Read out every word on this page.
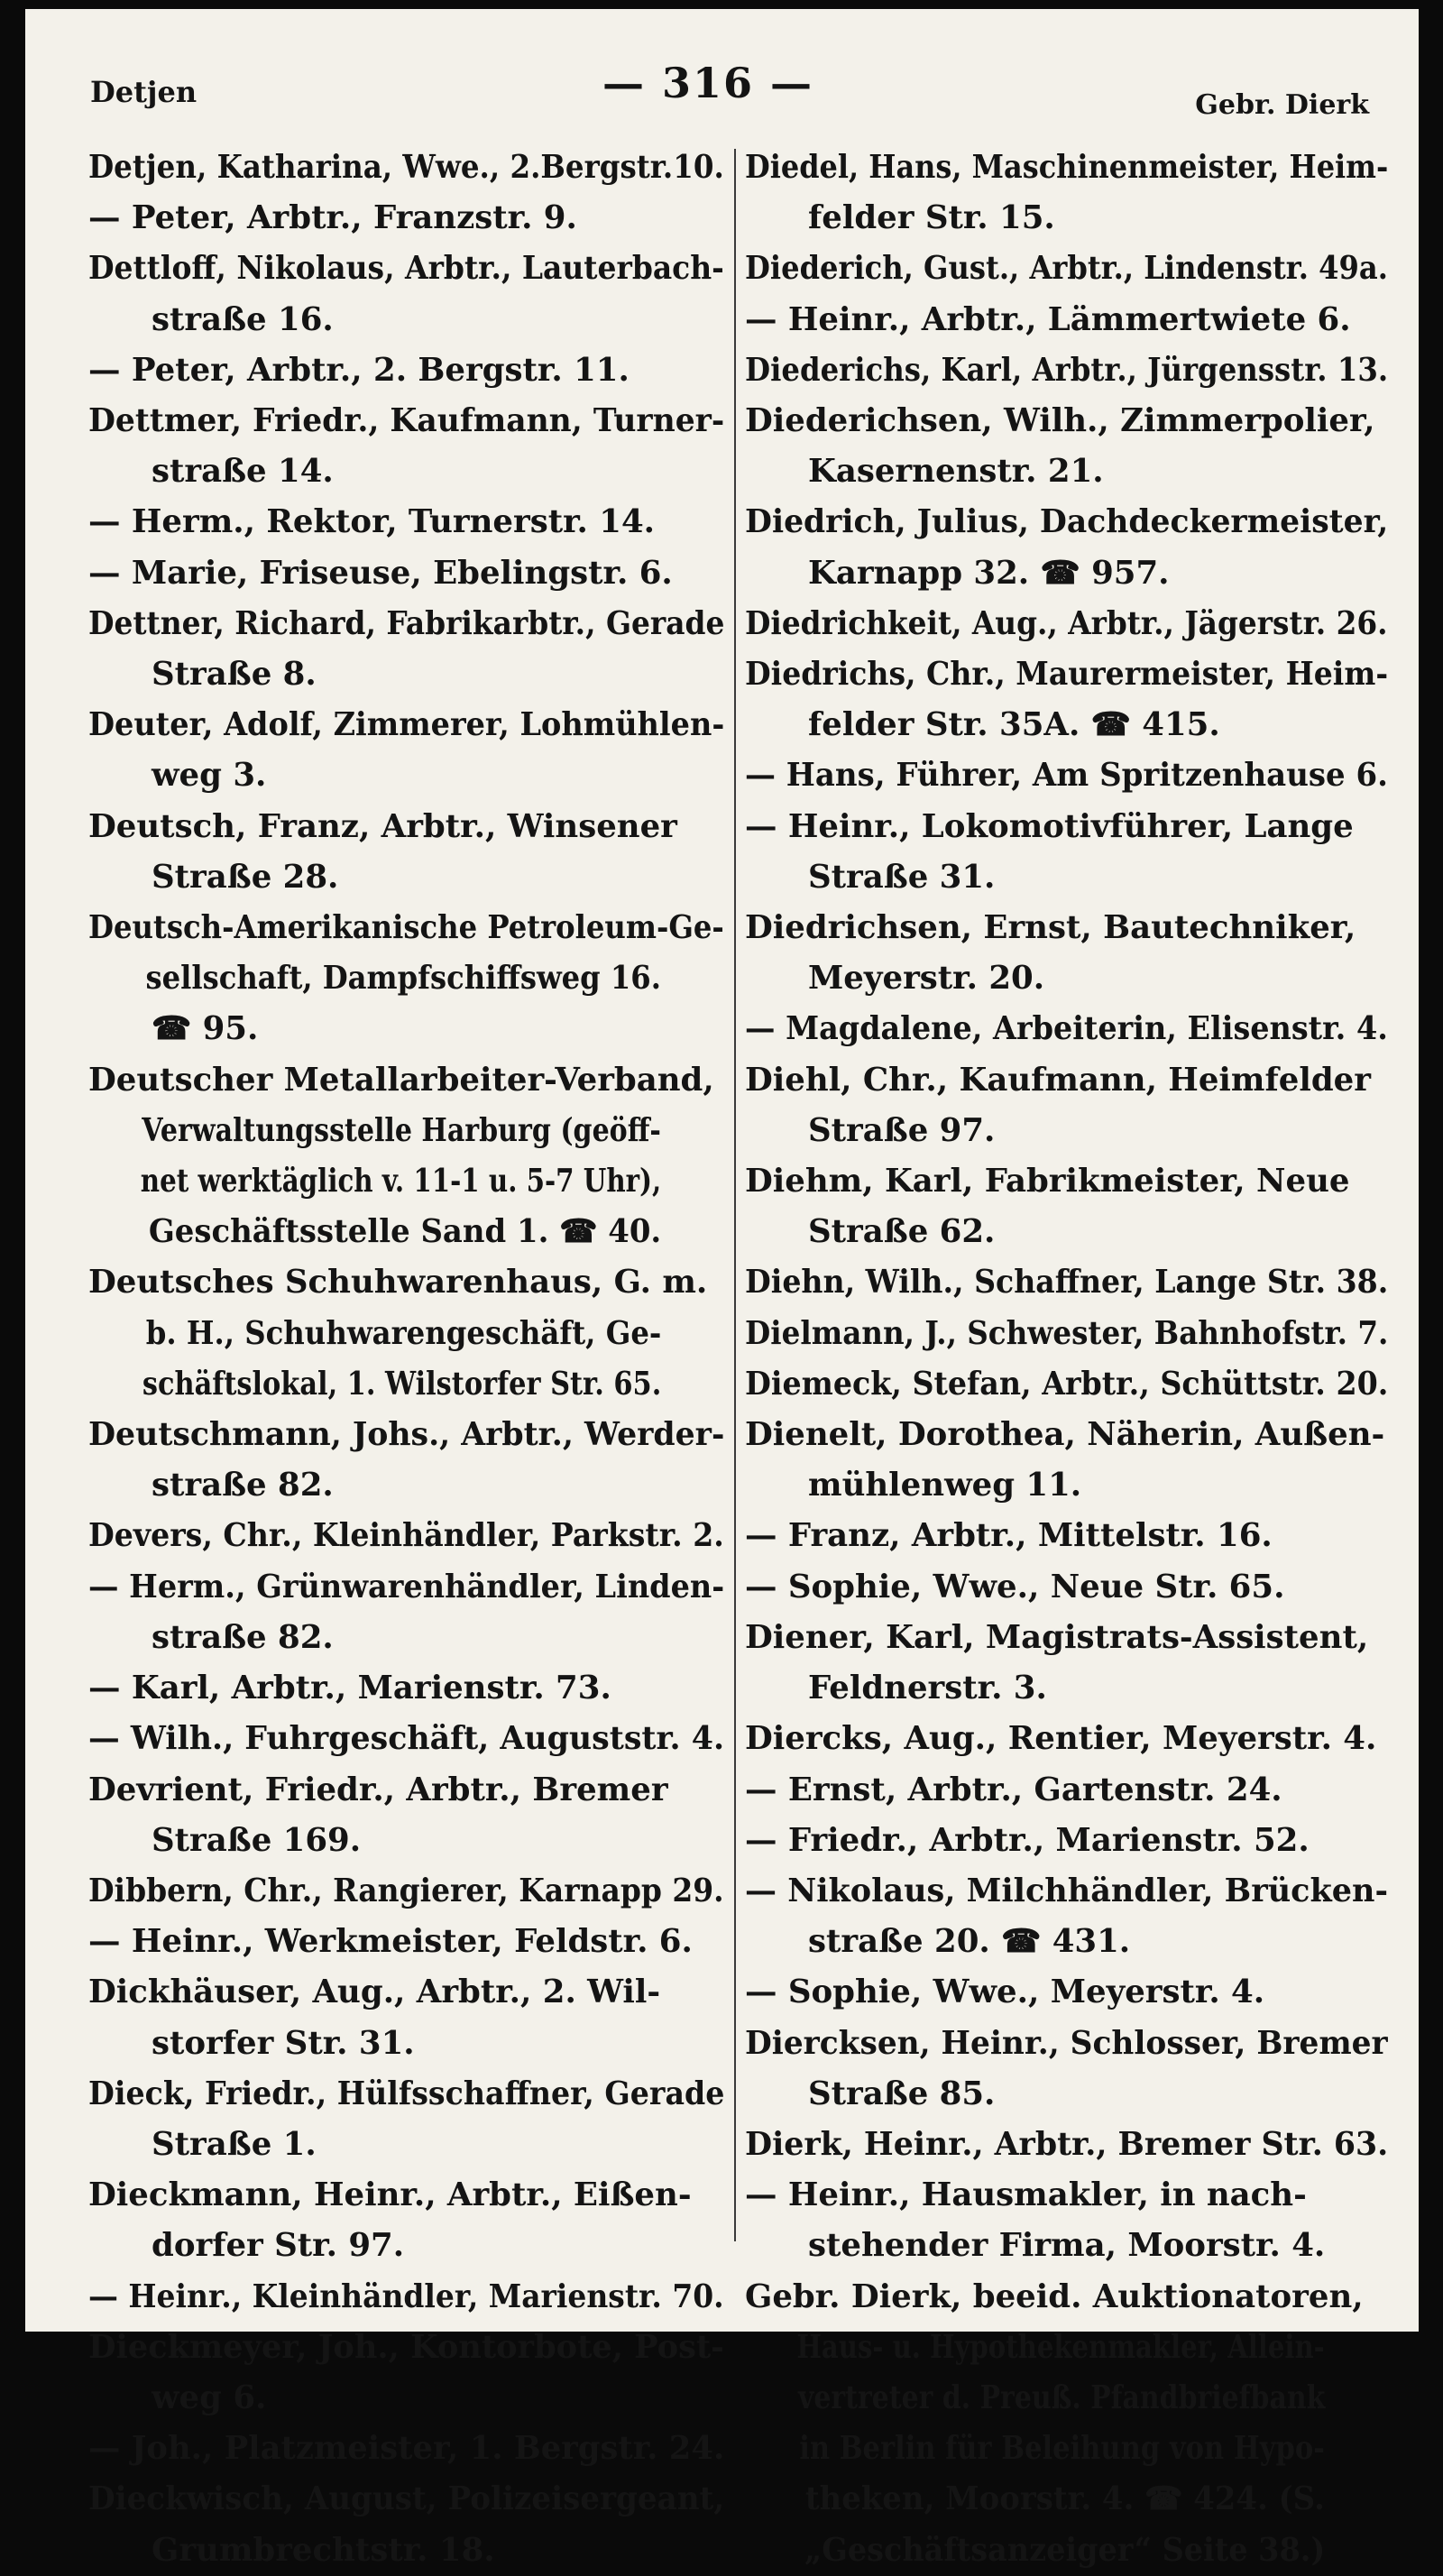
Detjen	— 316 —	Gebr. Dierk
Detjen, Katharina, Wwe., 2.Bergstr.10.
— Peter, Arbtr., Franzstr. 9.
Dettloff, Nikolaus, Arbtr., Lauterbach-
straße 16.
— Peter, Arbtr., 2. Bergstr. 11.
Dettmer, Friedr., Kaufmann, Turner-
straße 14.
— Herm., Rektor, Turnerstr. 14.
— Marie, Friseuse, Ebelingstr. 6.
Dettner, Richard, Fabrikarbtr., Gerade
Straße 8.
Deuter, Adolf, Zimmerer, Lohmühlen-
weg 3.
Deutsch, Franz, Arbtr., Winsener
Straße 28.
Deutsch-Amerikanische Petroleum-Ge-
sellschaft, Dampfschiffsweg 16.
☎ 95.
Deutscher Metallarbeiter-Verband,
Verwaltungsstelle Harburg (geöff-
net werktäglich v. 11-1 u. 5-7 Uhr),
Geschäftsstelle Sand 1. ☎ 40.
Deutsches Schuhwarenhaus, G. m.
b. H., Schuhwarengeschäft, Ge-
schäftslokal, 1. Wilstorfer Str. 65.
Deutschmann, Johs., Arbtr., Werder-
straße 82.
Devers, Chr., Kleinhändler, Parkstr. 2.
— Herm., Grünwarenhändler, Linden-
straße 82.
— Karl, Arbtr., Marienstr. 73.
— Wilh., Fuhrgeschäft, Auguststr. 4.
Devrient, Friedr., Arbtr., Bremer
Straße 169.
Dibbern, Chr., Rangierer, Karnapp 29.
— Heinr., Werkmeister, Feldstr. 6.
Dickhäuser, Aug., Arbtr., 2. Wil-
storfer Str. 31.
Dieck, Friedr., Hülfsschaffner, Gerade
Straße 1.
Dieckmann, Heinr., Arbtr., Eißen-
dorfer Str. 97.
— Heinr., Kleinhändler, Marienstr. 70.
Dieckmeyer, Joh., Kontorbote, Post-
weg 6.
— Joh., Platzmeister, 1. Bergstr. 24.
Dieckwisch, August, Polizeisergeant,
Grumbrechtstr. 18.
Diedel, Hans, Maschinenmeister, Heim-
felder Str. 15.
Diederich, Gust., Arbtr., Lindenstr. 49a.
— Heinr., Arbtr., Lämmertwiete 6.
Diederichs, Karl, Arbtr., Jürgensstr. 13.
Diederichsen, Wilh., Zimmerpolier,
Kasernenstr. 21.
Diedrich, Julius, Dachdeckermeister,
Karnapp 32. ☎ 957.
Diedrichkeit, Aug., Arbtr., Jägerstr. 26.
Diedrichs, Chr., Maurermeister, Heim-
felder Str. 35A. ☎ 415.
— Hans, Führer, Am Spritzenhause 6.
— Heinr., Lokomotivführer, Lange
Straße 31.
Diedrichsen, Ernst, Bautechniker,
Meyerstr. 20.
— Magdalene, Arbeiterin, Elisenstr. 4.
Diehl, Chr., Kaufmann, Heimfelder
Straße 97.
Diehm, Karl, Fabrikmeister, Neue
Straße 62.
Diehn, Wilh., Schaffner, Lange Str. 38.
Dielmann, J., Schwester, Bahnhofstr. 7.
Diemeck, Stefan, Arbtr., Schüttstr. 20.
Dienelt, Dorothea, Näherin, Außen-
mühlenweg 11.
— Franz, Arbtr., Mittelstr. 16.
— Sophie, Wwe., Neue Str. 65.
Diener, Karl, Magistrats-Assistent,
Feldnerstr. 3.
Diercks, Aug., Rentier, Meyerstr. 4.
— Ernst, Arbtr., Gartenstr. 24.
— Friedr., Arbtr., Marienstr. 52.
— Nikolaus, Milchhändler, Brücken-
straße 20. ☎ 431.
— Sophie, Wwe., Meyerstr. 4.
Diercksen, Heinr., Schlosser, Bremer
Straße 85.
Dierk, Heinr., Arbtr., Bremer Str. 63.
— Heinr., Hausmakler, in nach-
stehender Firma, Moorstr. 4.
Gebr. Dierk, beeid. Auktionatoren,
Haus- u. Hypothekenmakler, Allein-
vertreter d. Preuß. Pfandbriefbank
in Berlin für Beleihung von Hypo-
theken, Moorstr. 4. ☎ 424. (S.
„Geschäftsanzeiger“ Seite 38.)
